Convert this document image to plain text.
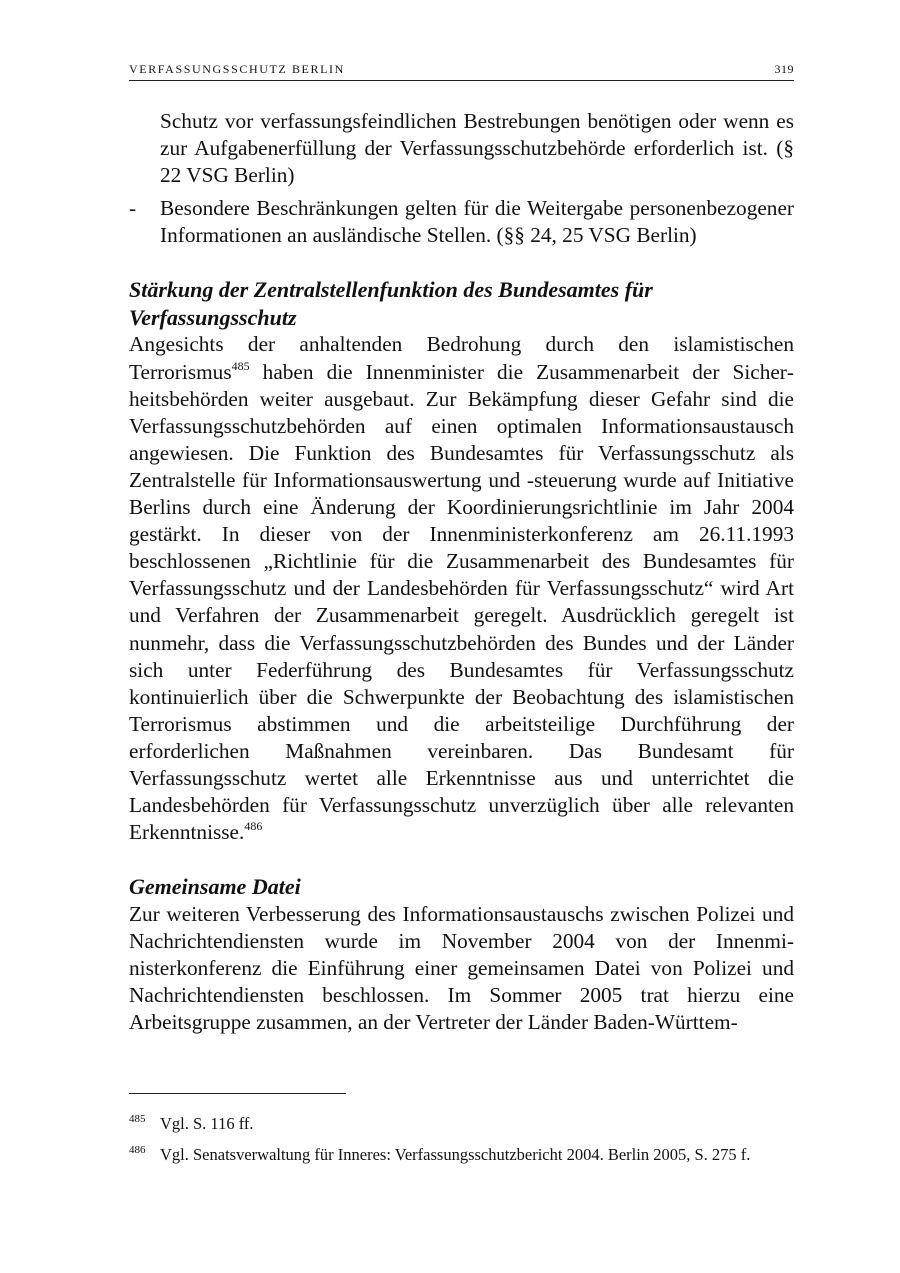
VERFASSUNGSSCHUTZ BERLIN	319

Schutz vor verfassungsfeindlichen Bestrebungen benötigen oder wenn es zur Aufgabenerfüllung der Verfassungsschutzbehörde erforderlich ist. (§ 22 VSG Berlin)

- Besondere Beschränkungen gelten für die Weitergabe personenbezogener Informationen an ausländische Stellen. (§§ 24, 25 VSG Berlin)
Stärkung der Zentralstellenfunktion des Bundesamtes für Verfassungsschutz

Angesichts der anhaltenden Bedrohung durch den islamistischen Terrorismus$^{485}$ haben die Innenminister die Zusammenarbeit der Sicherheitsbehörden weiter ausgebaut. Zur Bekämpfung dieser Gefahr sind die Verfassungsschutzbehörden auf einen optimalen Informationsaustausch angewiesen. Die Funktion des Bundesamtes für Verfassungsschutz als Zentralstelle für Informationsauswertung und -steuerung wurde auf Initiative Berlins durch eine Änderung der Koordinierungsrichtlinie im Jahr 2004 gestärkt. In dieser von der Innenministerkonferenz am 26.11.1993 beschlossenen „Richtlinie für die Zusammenarbeit des Bundesamtes für Verfassungsschutz und der Landesbehörden für Verfassungsschutz“ wird Art und Verfahren der Zusammenarbeit geregelt. Ausdrücklich geregelt ist nunmehr, dass die Verfassungsschutzbehörden des Bundes und der Länder sich unter Federführung des Bundesamtes für Verfassungsschutz kontinuierlich über die Schwerpunkte der Beobachtung des islamistischen Terrorismus abstimmen und die arbeitsteilige Durchführung der erforderlichen Maßnahmen vereinbaren. Das Bundesamt für Verfassungsschutz wertet alle Erkenntnisse aus und unterrichtet die Landesbehörden für Verfassungsschutz unverzüglich über alle relevanten Erkenntnisse.$^{486}$

Gemeinsame Datei

Zur weiteren Verbesserung des Informationsaustauschs zwischen Polizei und Nachrichtendiensten wurde im November 2004 von der Innenministerkonferenz die Einführung einer gemeinsamen Datei von Polizei und Nachrichtendiensten beschlossen. Im Sommer 2005 trat hierzu eine Arbeitsgruppe zusammen, an der Vertreter der Länder Baden-Württem-

485 Vgl. S. 116 ff.
486 Vgl. Senatsverwaltung für Inneres: Verfassungsschutzbericht 2004. Berlin 2005, S. 275 f.
